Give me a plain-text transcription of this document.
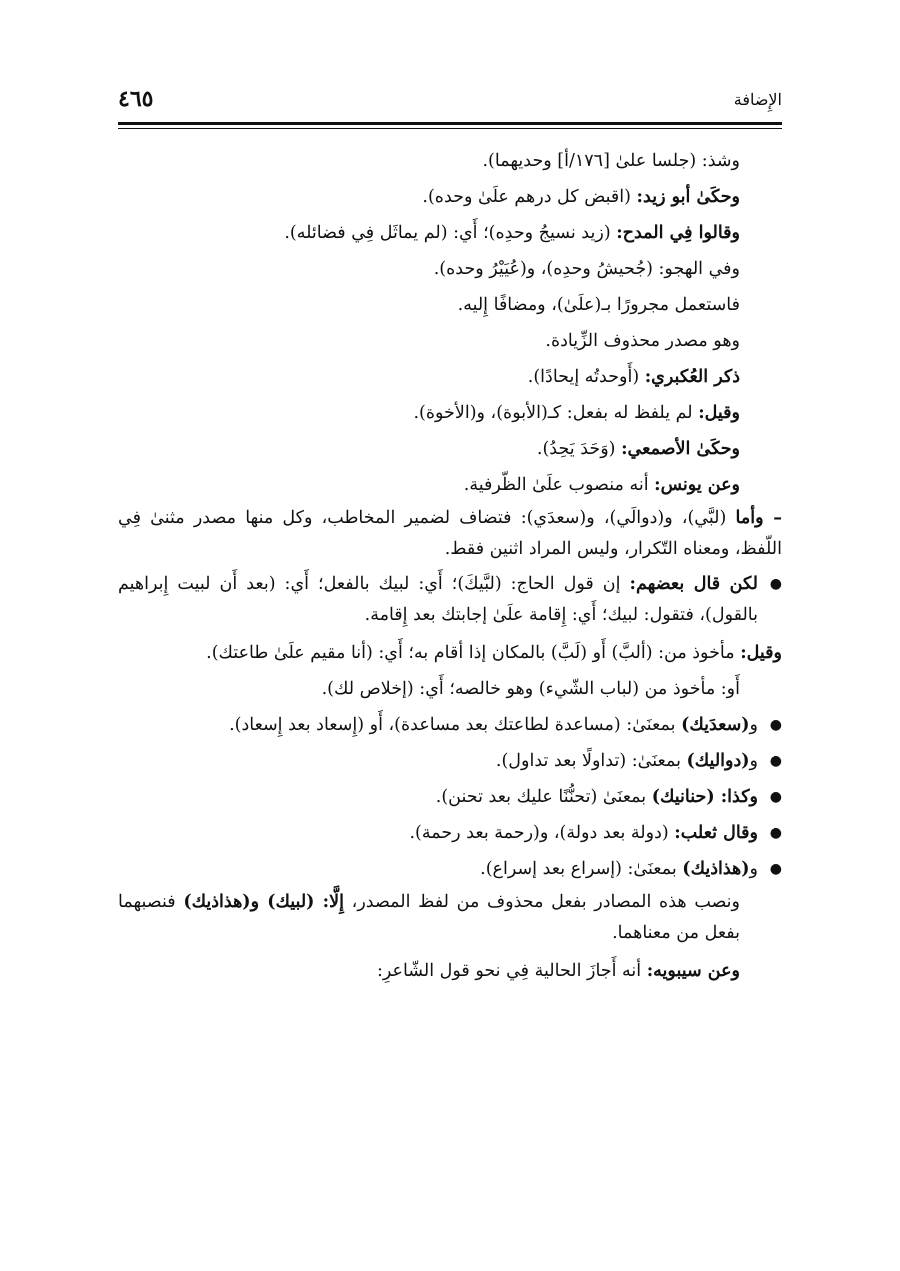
الإِضافة
٤٦٥
وشذ: (جلسا علىٰ [١٧٦/أ] وحديهما).
وحكَىٰ أبو زيد: (اقبض كل درهم علَىٰ وحده).
وقالوا فِي المدح: (زيد نسيجُ وحدِه)؛ أَي: (لم يماثَل فِي فضائله).
وفي الهجو: (جُحيشُ وحدِه)، و(عُيَيْرُ وحده).
فاستعمل مجرورًا بـ(علَىٰ)، ومضافًا إِليه.
وهو مصدر محذوف الزِّيادة.
ذكر العُكبري: (أَوحدتُه إيحادًا).
وقيل: لم يلفظ له بفعل: كـ(الأبوة)، و(الأخوة).
وحكَىٰ الأصمعي: (وَحَدَ يَحِدُ).
وعن يونس: أنه منصوب علَىٰ الظّرفية.
– وأما (لبَّي)، و(دوالَي)، و(سعدَي): فتضاف لضمير المخاطب، وكل منها مصدر مثنىٰ فِي اللّفظ، ومعناه التّكرار، وليس المراد اثنين فقط.
●
لكن قال بعضهم: إن قول الحاج: (لبَّيكَ)؛ أَي: لبيك بالفعل؛ أَي: (بعد أَن لبيت إِبراهيم بالقول)، فتقول: لبيك؛ أَي: إِقامة علَىٰ إجابتك بعد إِقامة.
وقيل: مأخوذ من: (ألبَّ) أَو (لَبَّ) بالمكان إذا أقام به؛ أَي: (أنا مقيم علَىٰ طاعتك).
أَو: مأخوذ من (لباب الشّيء) وهو خالصه؛ أَي: (إخلاص لك).
●
و(سعدَيك) بمعنَىٰ: (مساعدة لطاعتك بعد مساعدة)، أَو (إِسعاد بعد إِسعاد).
●
و(دواليك) بمعنَىٰ: (تداولًا بعد تداول).
●
وكذا: (حنانيك) بمعنَىٰ (تحنُّنًا عليك بعد تحنن).
●
وقال ثعلب: (دولة بعد دولة)، و(رحمة بعد رحمة).
●
و(هذاذيك) بمعنَىٰ: (إسراع بعد إسراع).
ونصب هذه المصادر بفعل محذوف من لفظ المصدر، إِلَّا: (لبيك) و(هذاذيك) فنصبهما بفعل من معناهما.
وعن سيبويه: أنه أَجازَ الحالية فِي نحو قول الشّاعرِ:
